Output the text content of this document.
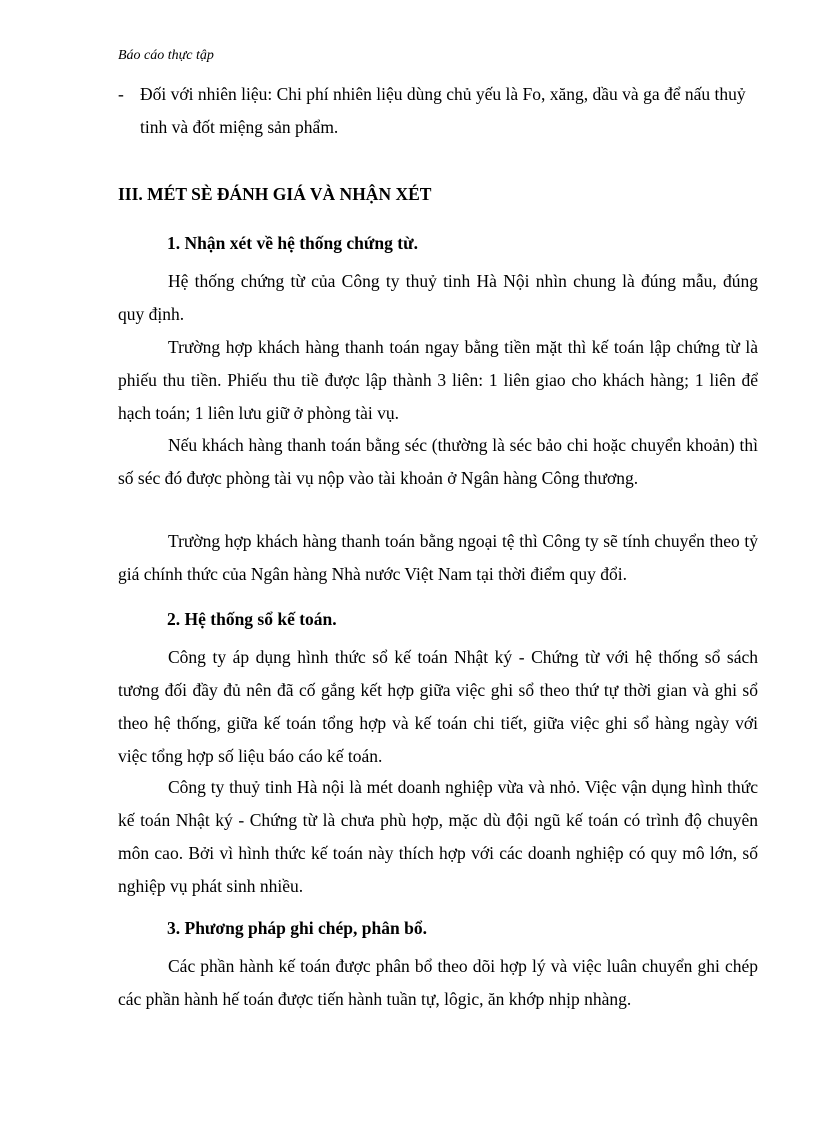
Báo cáo thực tập
- Đối với nhiên liệu: Chi phí nhiên liệu dùng chủ yếu là Fo, xăng, dầu và ga để nấu thuỷ tinh và đốt miệng sản phẩm.
III. MÉT SÈ ĐÁNH GIÁ VÀ NHẬN XÉT
1. Nhận xét về hệ thống chứng từ.

Hệ thống chứng từ của Công ty thuỷ tinh Hà Nội nhìn chung là đúng mẫu, đúng quy định.

Trường hợp khách hàng thanh toán ngay bằng tiền mặt thì kế toán lập chứng từ là phiếu thu tiền. Phiếu thu tiề được lập thành 3 liên: 1 liên giao cho khách hàng; 1 liên để hạch toán; 1 liên lưu giữ ở phòng tài vụ.

Nếu khách hàng thanh toán bằng séc (thường là séc bảo chi hoặc chuyển khoản) thì số séc đó được phòng tài vụ nộp vào tài khoản ở Ngân hàng Công thương.

Trường hợp khách hàng thanh toán bằng ngoại tệ thì Công ty sẽ tính chuyển theo tỷ giá chính thức của Ngân hàng Nhà nước Việt Nam tại thời điểm quy đổi.

2. Hệ thống sổ kế toán.

Công ty áp dụng hình thức sổ kế toán Nhật ký - Chứng từ với hệ thống sổ sách tương đối đầy đủ nên đã cố gắng kết hợp giữa việc ghi sổ theo thứ tự thời gian và ghi sổ theo hệ thống, giữa kế toán tổng hợp và kế toán chi tiết, giữa việc ghi sổ hàng ngày với việc tổng hợp số liệu báo cáo kế toán.

Công ty thuỷ tinh Hà nội là mét doanh nghiệp vừa và nhỏ. Việc vận dụng hình thức kế toán Nhật ký - Chứng từ là chưa phù hợp, mặc dù đội ngũ kế toán có trình độ chuyên môn cao. Bởi vì hình thức kế toán này thích hợp với các doanh nghiệp có quy mô lớn, số nghiệp vụ phát sinh nhiều.

3. Phương pháp ghi chép, phân bổ.

Các phần hành kế toán được phân bổ theo dõi hợp lý và việc luân chuyển ghi chép các phần hành hế toán được tiến hành tuần tự, lôgic, ăn khớp nhịp nhàng.
